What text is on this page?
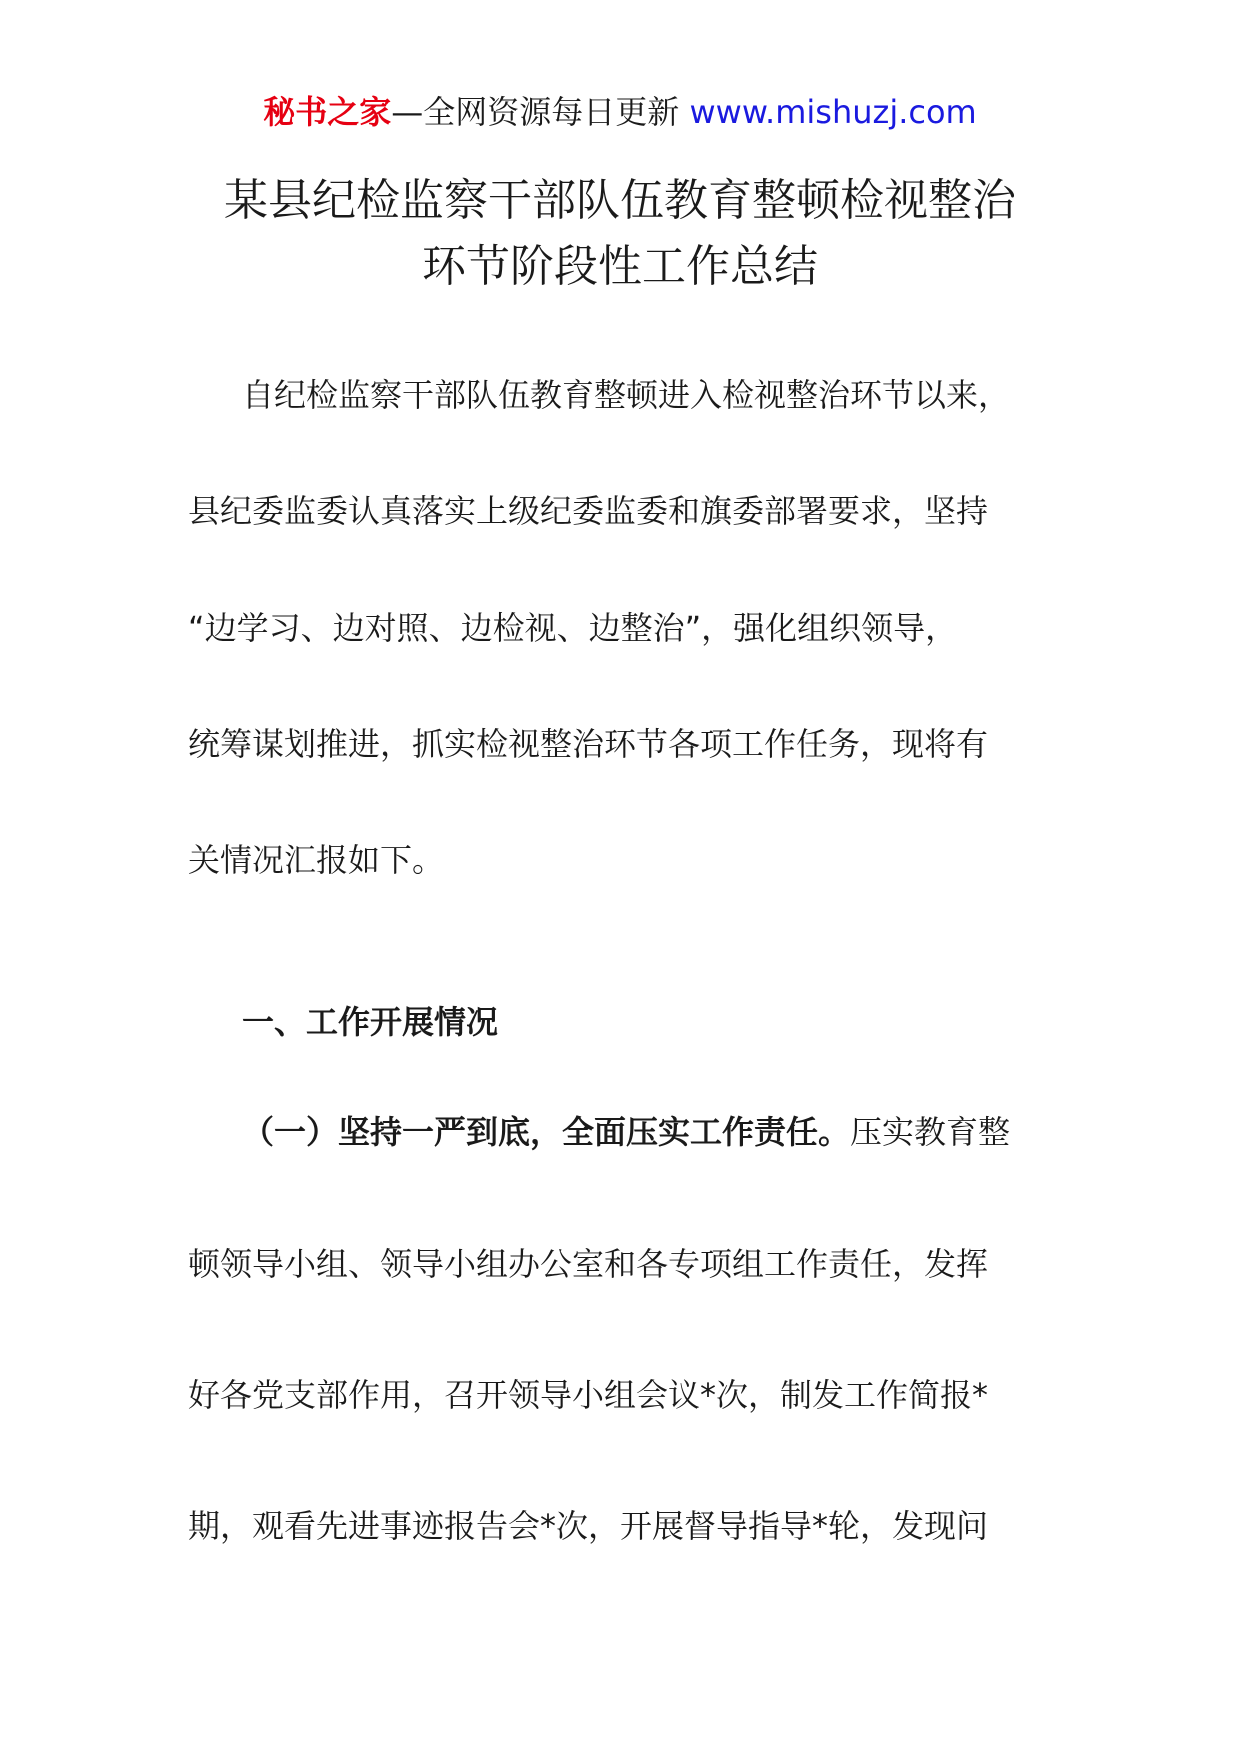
秘书之家—全网资源每日更新 www.mishuzj.com
某县纪检监察干部队伍教育整顿检视整治
环节阶段性工作总结
自纪检监察干部队伍教育整顿进入检视整治环节以来，
县纪委监委认真落实上级纪委监委和旗委部署要求，坚持
“边学习、边对照、边检视、边整治”，强化组织领导，
统筹谋划推进，抓实检视整治环节各项工作任务，现将有
关情况汇报如下。
一、工作开展情况
（一）坚持一严到底，全面压实工作责任。压实教育整
顿领导小组、领导小组办公室和各专项组工作责任，发挥
好各党支部作用，召开领导小组会议*次，制发工作简报*
期，观看先进事迹报告会*次，开展督导指导*轮，发现问
